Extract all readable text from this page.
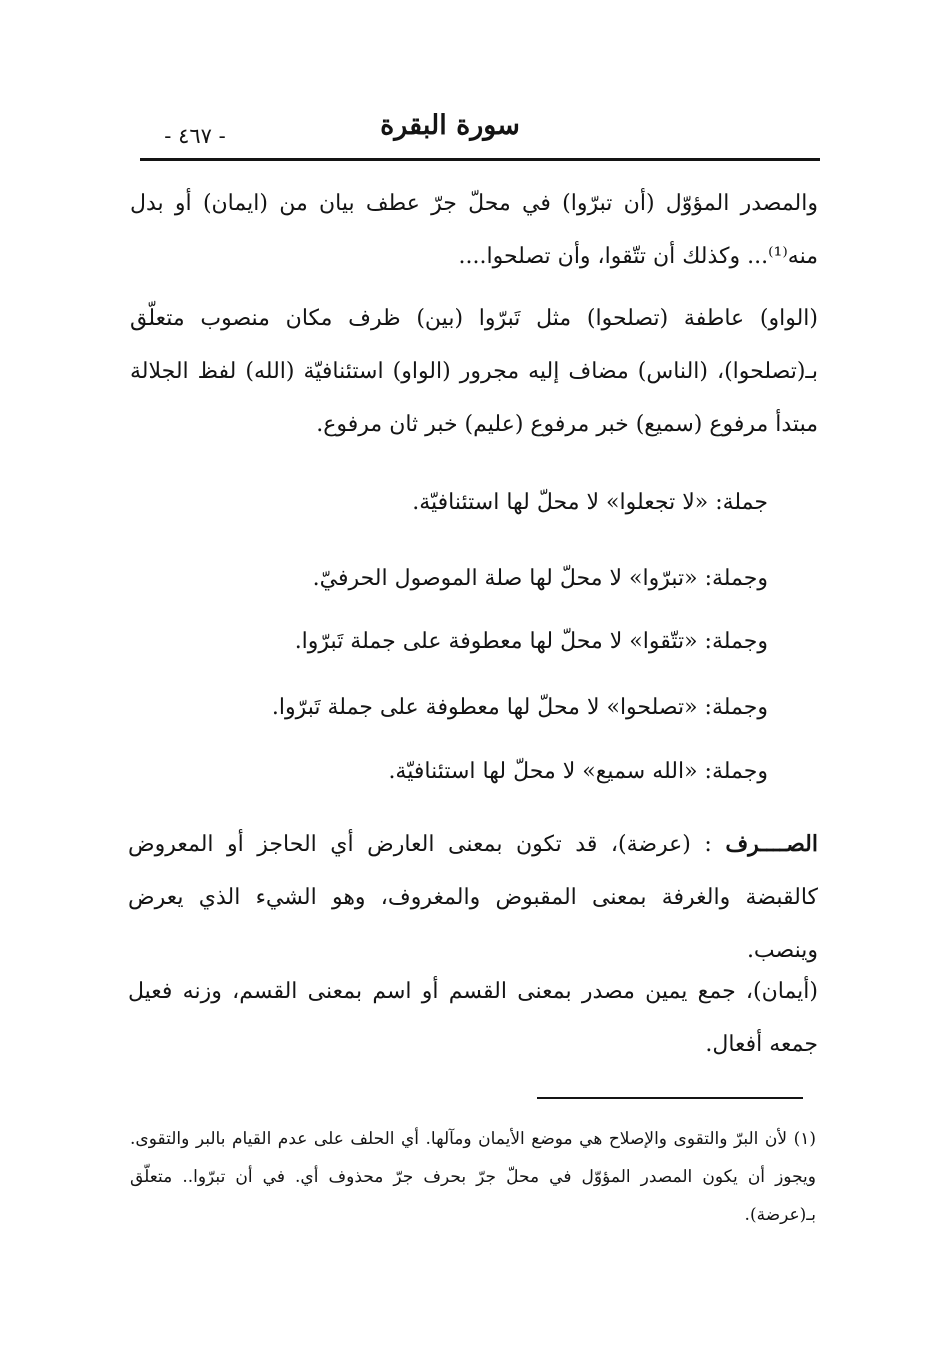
سورة البقرة
- ٤٦٧ -
والمصدر المؤوّل (أن تبرّوا) في محلّ جرّ عطف بيان من (ايمان) أو بدل منه⁽¹⁾... وكذلك أن تتّقوا، وأن تصلحوا....
(الواو) عاطفة (تصلحوا) مثل تَبرّوا (بين) ظرف مكان منصوب متعلّق بـ(تصلحوا)، (الناس) مضاف إليه مجرور (الواو) استئنافيّة (الله) لفظ الجلالة مبتدأ مرفوع (سميع) خبر مرفوع (عليم) خبر ثان مرفوع.
جملة: «لا تجعلوا» لا محلّ لها استئنافيّة.
وجملة: «تبرّوا» لا محلّ لها صلة الموصول الحرفيّ.
وجملة: «تتّقوا» لا محلّ لها معطوفة على جملة تَبرّوا.
وجملة: «تصلحوا» لا محلّ لها معطوفة على جملة تَبرّوا.
وجملة: «الله سميع» لا محلّ لها استئنافيّة.
الصــــرف : (عرضة)، قد تكون بمعنى العارض أي الحاجز أو المعروض كالقبضة والغرفة بمعنى المقبوض والمغروف، وهو الشيء الذي يعرض وينصب.
(أيمان)، جمع يمين مصدر بمعنى القسم أو اسم بمعنى القسم، وزنه فعيل جمعه أفعال.
(١) لأن البرّ والتقوى والإصلاح هي موضع الأيمان ومآلها. أي الحلف على عدم القيام بالبر والتقوى. ويجوز أن يكون المصدر المؤوّل في محلّ جرّ بحرف جرّ محذوف أي. في أن تبرّوا.. متعلّق بـ(عرضة).
